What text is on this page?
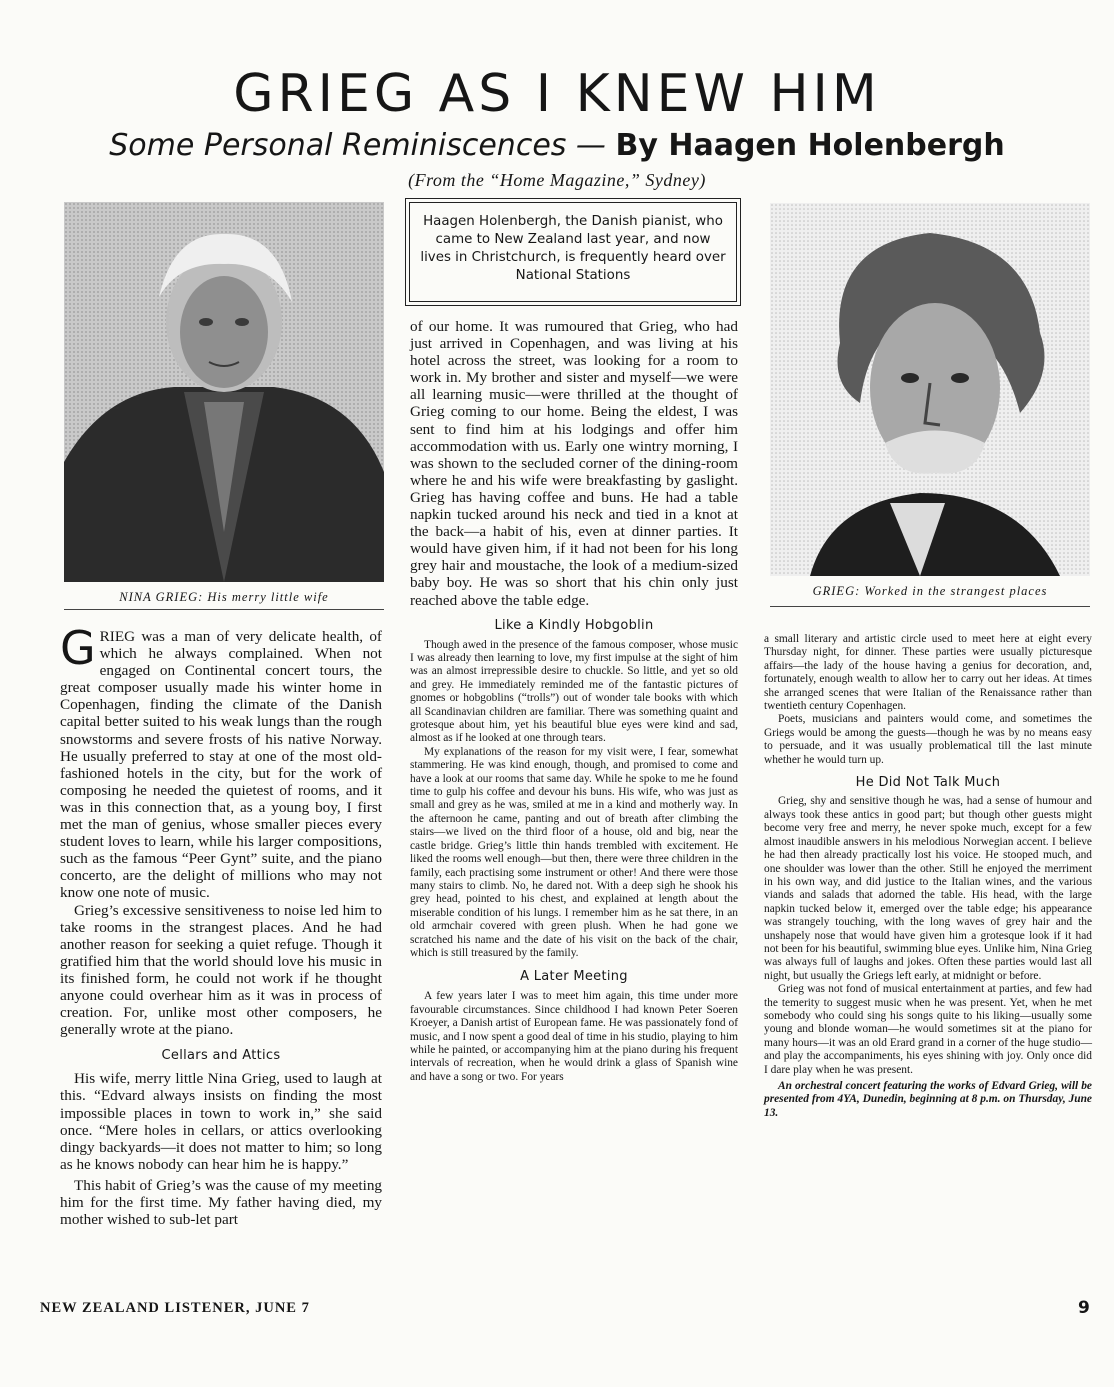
GRIEG AS I KNEW HIM
Some Personal Reminiscences — By Haagen Holenbergh
(From the “Home Magazine,” Sydney)
NINA GRIEG: His merry little wife
Haagen Holenbergh, the Danish pianist, who came to New Zealand last year, and now lives in Christchurch, is frequently heard over National Stations
GRIEG: Worked in the strangest places

GRIEG was a man of very delicate health, of which he always complained. When not engaged on Continental concert tours, the great composer usually made his winter home in Copenhagen, finding the climate of the Danish capital better suited to his weak lungs than the rough snowstorms and severe frosts of his native Norway. He usually preferred to stay at one of the most old-fashioned hotels in the city, but for the work of composing he needed the quietest of rooms, and it was in this connection that, as a young boy, I first met the man of genius, whose smaller pieces every student loves to learn, while his larger compositions, such as the famous “Peer Gynt” suite, and the piano concerto, are the delight of millions who may not know one note of music.

Grieg’s excessive sensitiveness to noise led him to take rooms in the strangest places. And he had another reason for seeking a quiet refuge. Though it gratified him that the world should love his music in its finished form, he could not work if he thought anyone could overhear him as it was in process of creation. For, unlike most other composers, he generally wrote at the piano.

Cellars and Attics

His wife, merry little Nina Grieg, used to laugh at this. “Edvard always insists on finding the most impossible places in town to work in,” she said once. “Mere holes in cellars, or attics overlooking dingy backyards—it does not matter to him; so long as he knows nobody can hear him he is happy.”

This habit of Grieg’s was the cause of my meeting him for the first time. My father having died, my mother wished to sub-let part

of our home. It was rumoured that Grieg, who had just arrived in Copenhagen, and was living at his hotel across the street, was looking for a room to work in. My brother and sister and myself—we were all learning music—were thrilled at the thought of Grieg coming to our home. Being the eldest, I was sent to find him at his lodgings and offer him accommodation with us. Early one wintry morning, I was shown to the secluded corner of the dining-room where he and his wife were breakfasting by gaslight. Grieg has having coffee and buns. He had a table napkin tucked around his neck and tied in a knot at the back—a habit of his, even at dinner parties. It would have given him, if it had not been for his long grey hair and moustache, the look of a medium-sized baby boy. He was so short that his chin only just reached above the table edge.

Like a Kindly Hobgoblin

Though awed in the presence of the famous composer, whose music I was already then learning to love, my first impulse at the sight of him was an almost irrepressible desire to chuckle. So little, and yet so old and grey. He immediately reminded me of the fantastic pictures of gnomes or hobgoblins (“trolls”) out of wonder tale books with which all Scandinavian children are familiar. There was something quaint and grotesque about him, yet his beautiful blue eyes were kind and sad, almost as if he looked at one through tears.

My explanations of the reason for my visit were, I fear, somewhat stammering. He was kind enough, though, and promised to come and have a look at our rooms that same day. While he spoke to me he found time to gulp his coffee and devour his buns. His wife, who was just as small and grey as he was, smiled at me in a kind and motherly way. In the afternoon he came, panting and out of breath after climbing the stairs—we lived on the third floor of a house, old and big, near the castle bridge. Grieg’s little thin hands trembled with excitement. He liked the rooms well enough—but then, there were three children in the family, each practising some instrument or other! And there were those many stairs to climb. No, he dared not. With a deep sigh he shook his grey head, pointed to his chest, and explained at length about the miserable condition of his lungs. I remember him as he sat there, in an old armchair covered with green plush. When he had gone we scratched his name and the date of his visit on the back of the chair, which is still treasured by the family.

A Later Meeting

A few years later I was to meet him again, this time under more favourable circumstances. Since childhood I had known Peter Soeren Kroeyer, a Danish artist of European fame. He was passionately fond of music, and I now spent a good deal of time in his studio, playing to him while he painted, or accompanying him at the piano during his frequent intervals of recreation, when he would drink a glass of Spanish wine and have a song or two. For years

a small literary and artistic circle used to meet here at eight every Thursday night, for dinner. These parties were usually picturesque affairs—the lady of the house having a genius for decoration, and, fortunately, enough wealth to allow her to carry out her ideas. At times she arranged scenes that were Italian of the Renaissance rather than twentieth century Copenhagen.

Poets, musicians and painters would come, and sometimes the Griegs would be among the guests—though he was by no means easy to persuade, and it was usually problematical till the last minute whether he would turn up.

He Did Not Talk Much

Grieg, shy and sensitive though he was, had a sense of humour and always took these antics in good part; but though other guests might become very free and merry, he never spoke much, except for a few almost inaudible answers in his melodious Norwegian accent. I believe he had then already practically lost his voice. He stooped much, and one shoulder was lower than the other. Still he enjoyed the merriment in his own way, and did justice to the Italian wines, and the various viands and salads that adorned the table. His head, with the large napkin tucked below it, emerged over the table edge; his appearance was strangely touching, with the long waves of grey hair and the unshapely nose that would have given him a grotesque look if it had not been for his beautiful, swimming blue eyes. Unlike him, Nina Grieg was always full of laughs and jokes. Often these parties would last all night, but usually the Griegs left early, at midnight or before.

Grieg was not fond of musical entertainment at parties, and few had the temerity to suggest music when he was present. Yet, when he met somebody who could sing his songs quite to his liking—usually some young and blonde woman—he would sometimes sit at the piano for many hours—it was an old Erard grand in a corner of the huge studio—and play the accompaniments, his eyes shining with joy. Only once did I dare play when he was present.

An orchestral concert featuring the works of Edvard Grieg, will be presented from 4YA, Dunedin, beginning at 8 p.m. on Thursday, June 13.

NEW ZEALAND LISTENER, JUNE 7	9
